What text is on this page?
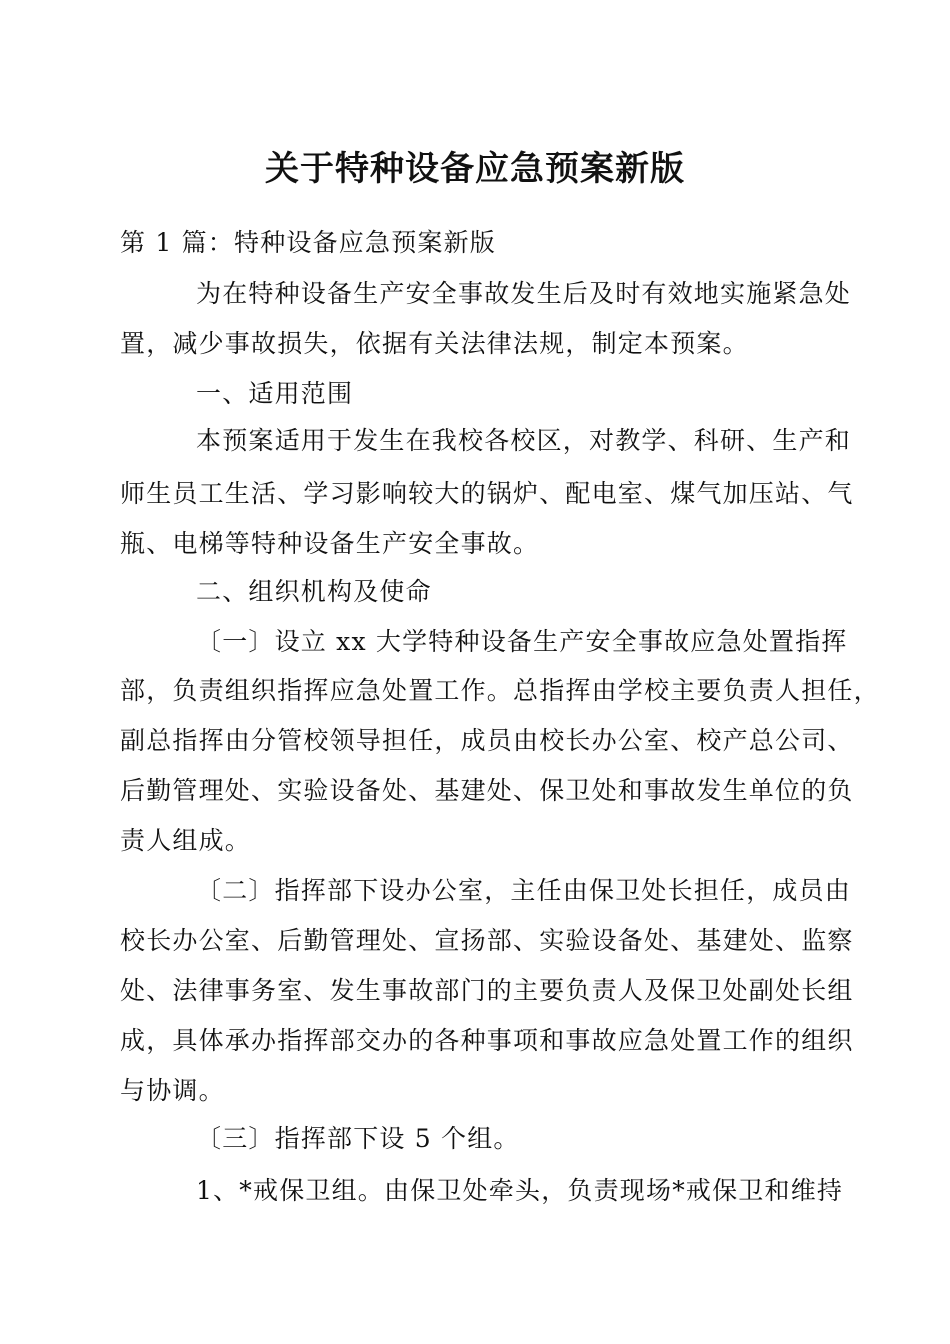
关于特种设备应急预案新版
第 1 篇：特种设备应急预案新版
为在特种设备生产安全事故发生后及时有效地实施紧急处
置，减少事故损失，依据有关法律法规，制定本预案。
一、适用范围
本预案适用于发生在我校各校区，对教学、科研、生产和
师生员工生活、学习影响较大的锅炉、配电室、煤气加压站、气
瓶、电梯等特种设备生产安全事故。
二、组织机构及使命
〔一〕设立 xx 大学特种设备生产安全事故应急处置指挥
部，负责组织指挥应急处置工作。总指挥由学校主要负责人担任，
副总指挥由分管校领导担任，成员由校长办公室、校产总公司、
后勤管理处、实验设备处、基建处、保卫处和事故发生单位的负
责人组成。
〔二〕指挥部下设办公室，主任由保卫处长担任，成员由
校长办公室、后勤管理处、宣扬部、实验设备处、基建处、监察
处、法律事务室、发生事故部门的主要负责人及保卫处副处长组
成，具体承办指挥部交办的各种事项和事故应急处置工作的组织
与协调。
〔三〕指挥部下设 5 个组。
1、*戒保卫组。由保卫处牵头，负责现场*戒保卫和维持
